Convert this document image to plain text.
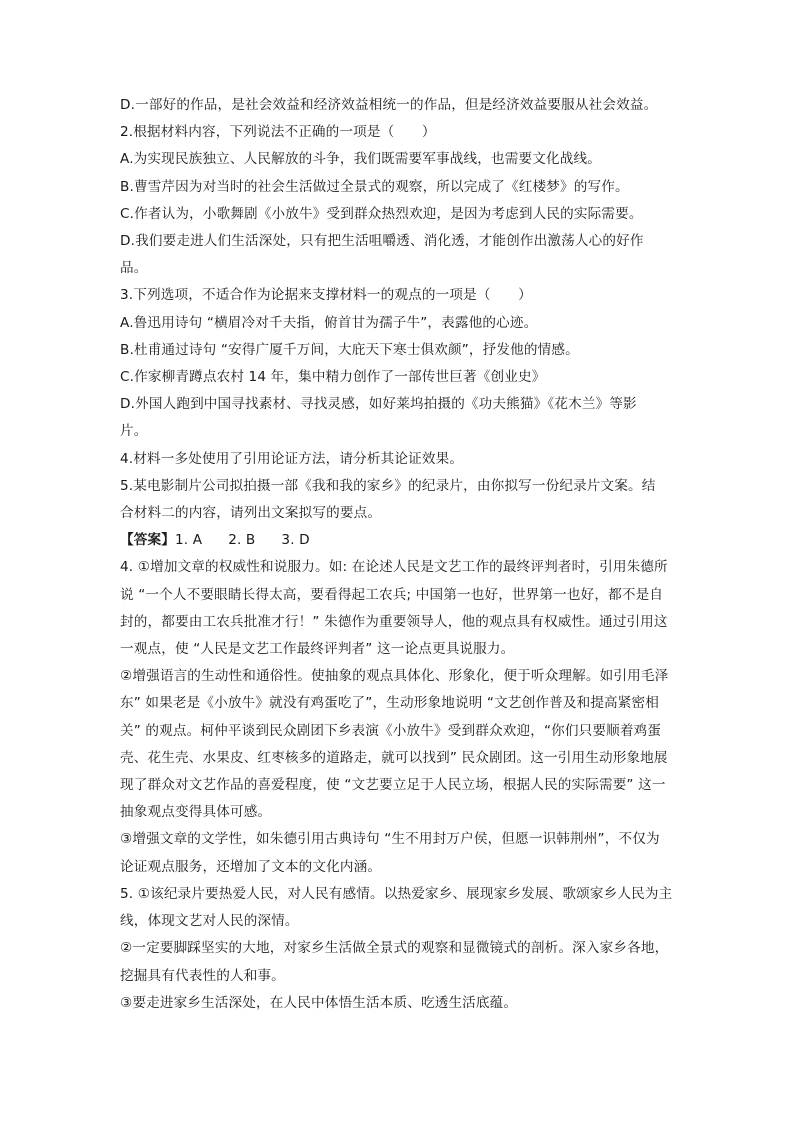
D.一部好的作品，是社会效益和经济效益相统一的作品，但是经济效益要服从社会效益。
2.根据材料内容，下列说法不正确的一项是（　　）
A.为实现民族独立、人民解放的斗争，我们既需要军事战线，也需要文化战线。
B.曹雪芹因为对当时的社会生活做过全景式的观察，所以完成了《红楼梦》的写作。
C.作者认为，小歌舞剧《小放牛》受到群众热烈欢迎，是因为考虑到人民的实际需要。
D.我们要走进人们生活深处，只有把生活咀嚼透、消化透，才能创作出激荡人心的好作
品。
3.下列选项，不适合作为论据来支撑材料一的观点的一项是（　　）
A.鲁迅用诗句 “横眉冷对千夫指，俯首甘为孺子牛”，表露他的心迹。
B.杜甫通过诗句 “安得广厦千万间，大庇天下寒士俱欢颜”，抒发他的情感。
C.作家柳青蹲点农村 14 年，集中精力创作了一部传世巨著《创业史》
D.外国人跑到中国寻找素材、寻找灵感，如好莱坞拍摄的《功夫熊猫》《花木兰》等影
片。
4.材料一多处使用了引用论证方法，请分析其论证效果。
5.某电影制片公司拟拍摄一部《我和我的家乡》的纪录片，由你拟写一份纪录片文案。结
合材料二的内容，请列出文案拟写的要点。
【答案】1. A 2. B 3. D
4. ①增加文章的权威性和说服力。如: 在论述人民是文艺工作的最终评判者时，引用朱德所
说 “一个人不要眼睛长得太高，要看得起工农兵; 中国第一也好，世界第一也好，都不是自
封的，都要由工农兵批准才行！” 朱德作为重要领导人，他的观点具有权威性。通过引用这
一观点，使 “人民是文艺工作最终评判者” 这一论点更具说服力。
②增强语言的生动性和通俗性。使抽象的观点具体化、形象化，便于听众理解。如引用毛泽
东” 如果老是《小放牛》就没有鸡蛋吃了”，生动形象地说明 “文艺创作普及和提高紧密相
关” 的观点。柯仲平谈到民众剧团下乡表演《小放牛》受到群众欢迎，“你们只要顺着鸡蛋
壳、花生壳、水果皮、红枣核多的道路走，就可以找到” 民众剧团。这一引用生动形象地展
现了群众对文艺作品的喜爱程度，使 “文艺要立足于人民立场，根据人民的实际需要” 这一
抽象观点变得具体可感。
③增强文章的文学性，如朱德引用古典诗句 “生不用封万户侯，但愿一识韩荆州”，不仅为
论证观点服务，还增加了文本的文化内涵。
5. ①该纪录片要热爱人民，对人民有感情。以热爱家乡、展现家乡发展、歌颂家乡人民为主
线，体现文艺对人民的深情。
②一定要脚踩坚实的大地，对家乡生活做全景式的观察和显微镜式的剖析。深入家乡各地，
挖掘具有代表性的人和事。
③要走进家乡生活深处，在人民中体悟生活本质、吃透生活底蕴。
